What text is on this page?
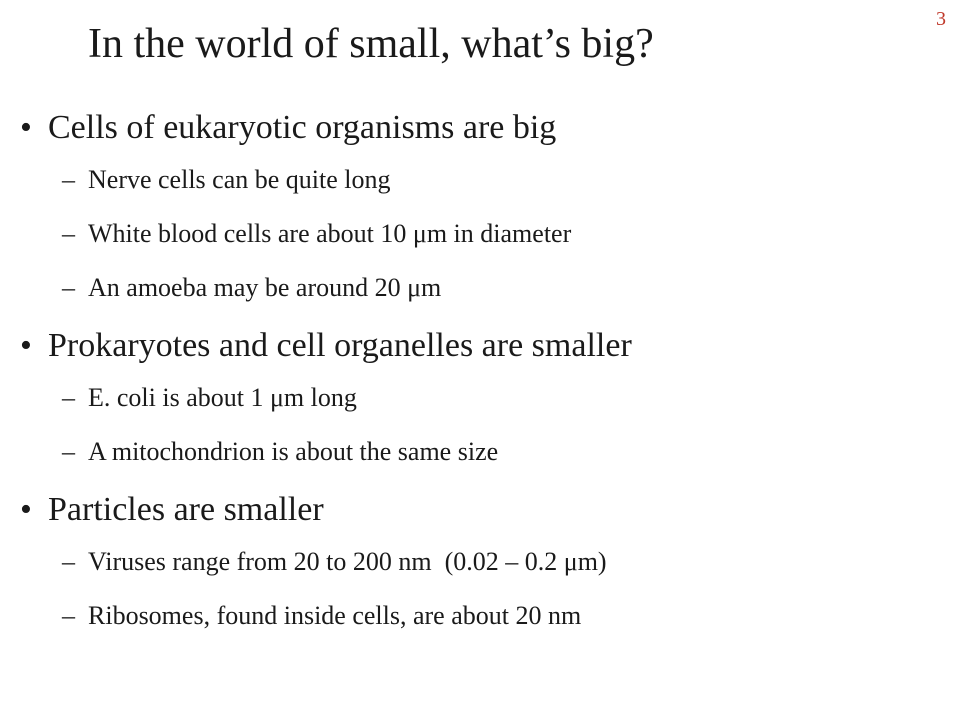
3
In the world of small, what’s big?
• Cells of eukaryotic organisms are big
– Nerve cells can be quite long
– White blood cells are about 10 μm in diameter
– An amoeba may be around 20 μm
• Prokaryotes and cell organelles are smaller
– E. coli is about 1 μm long
– A mitochondrion is about the same size
• Particles are smaller
– Viruses range from 20 to 200 nm  (0.02 – 0.2 μm)
– Ribosomes, found inside cells, are about 20 nm
